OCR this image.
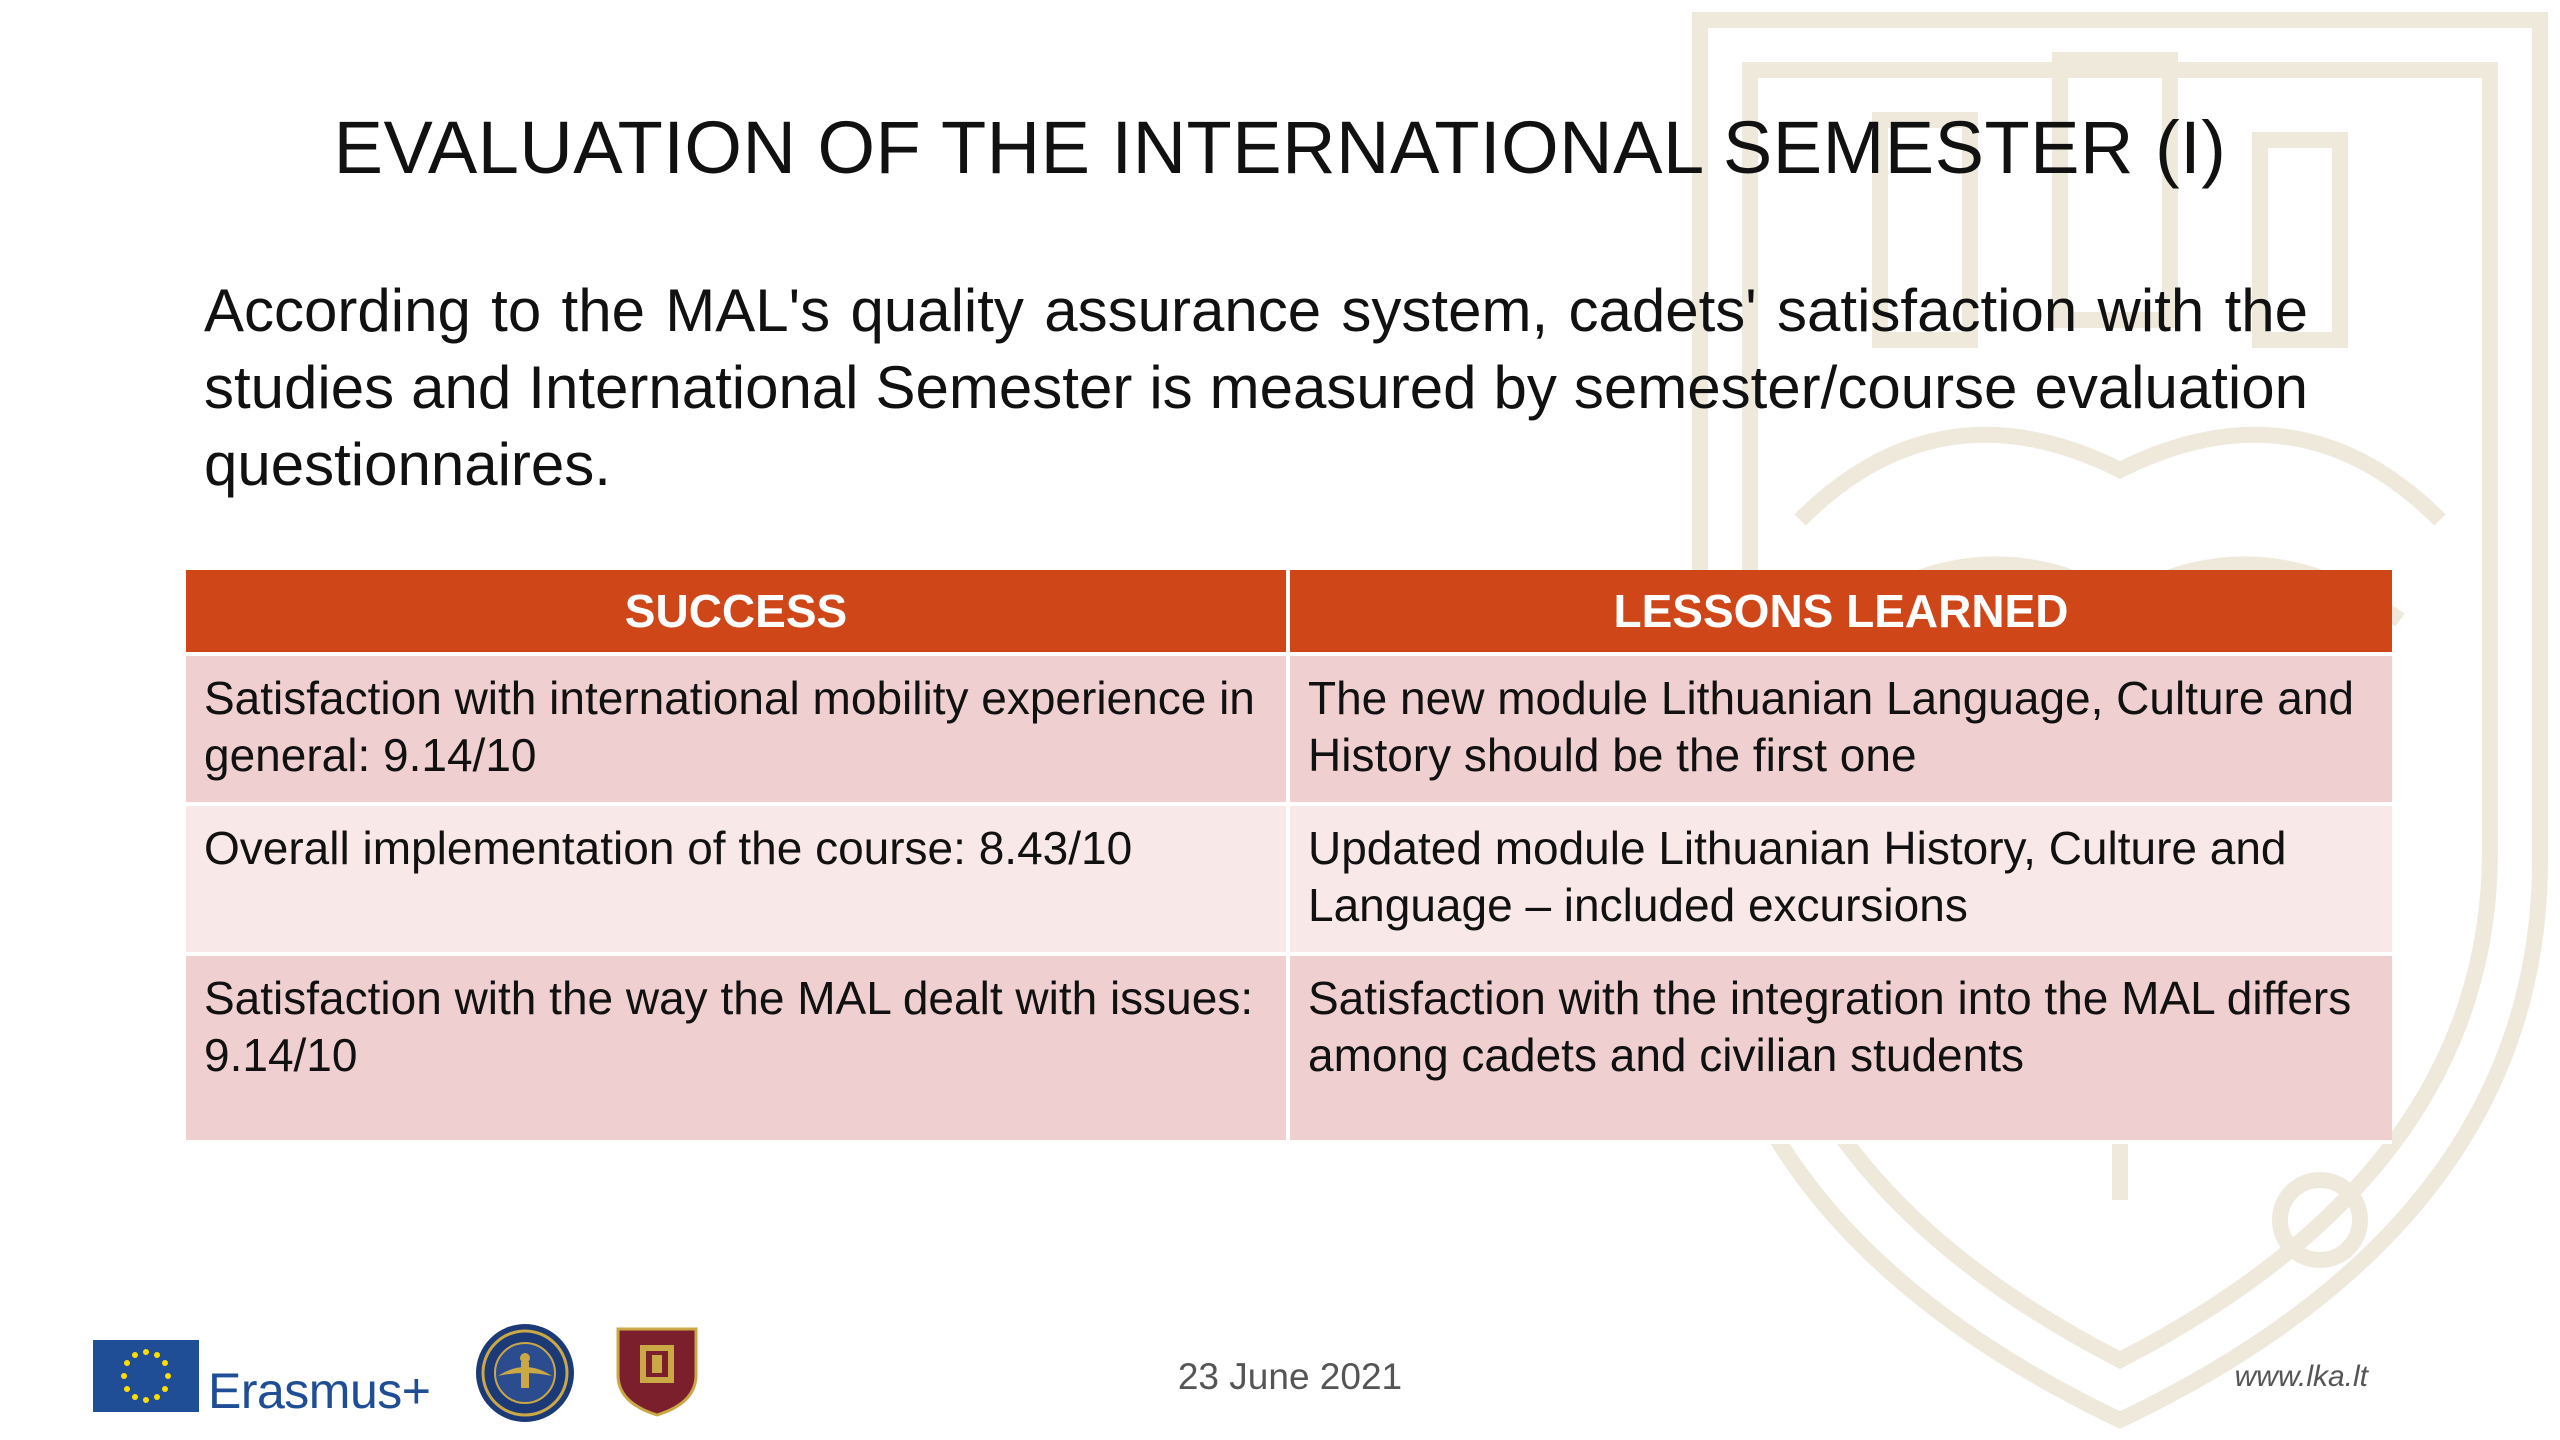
EVALUATION OF THE INTERNATIONAL SEMESTER (I)
According to the MAL's quality assurance system, cadets' satisfaction with the studies and International Semester is measured by semester/course evaluation questionnaires.
SUCCESS	LESSONS LEARNED
Satisfaction with international mobility experience in general: 9.14/10	The new module Lithuanian Language, Culture and History should be the first one
Overall implementation of the course: 8.43/10	Updated module Lithuanian History, Culture and Language – included excursions
Satisfaction with the way the MAL dealt with issues: 9.14/10	Satisfaction with the integration into the MAL differs among cadets and civilian students
Erasmus+	23 June 2021	www.lka.lt
